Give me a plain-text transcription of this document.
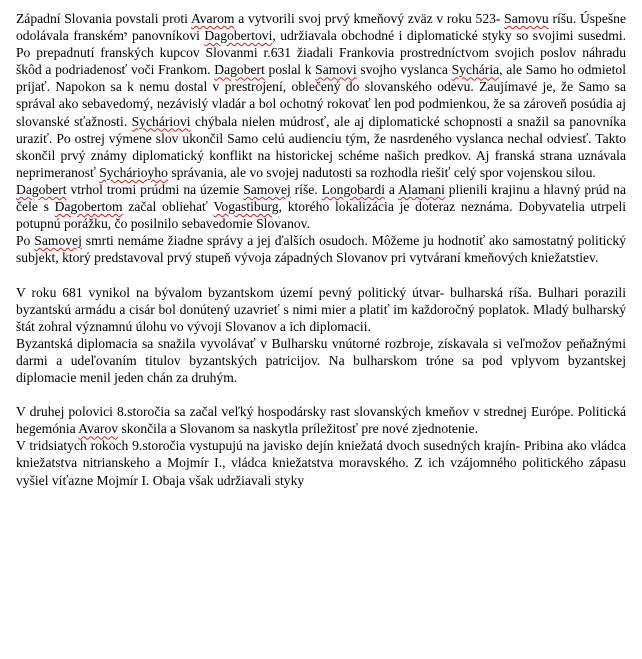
Západní Slovania povstali proti Avarom a vytvorili svoj prvý kmeňový zväz v roku 523- Samovu ríšu. Úspešne odolávala franskémי panovníkovi Dagobertovi, udržiavala obchodné i diplomatické styky so svojimi susedmi. Po prepadnutí franských kupcov Slovanmi r.631 žiadali Frankovia prostredníctvom svojich poslov náhradu škôd a podriadenosť voči Frankom. Dagobert poslal k Samovi svojho vyslanca Sychária, ale Samo ho odmietol prijať. Napokon sa k nemu dostal v prestrojení, oblečený do slovanského odevu. Zaujímavé je, že Samo sa správal ako sebavedomý, nezávislý vladár a bol ochotný rokovať len pod podmienkou, že sa zároveň posúdia aj slovanské sťažnosti. Sycháriovi chýbala nielen múdrosť, ale aj diplomatické schopnosti a snažil sa panovníka uraziť. Po ostrej výmene slov ukončil Samo celú audienciu tým, že nasrdeného vyslanca nechal odviesť. Takto skončil prvý známy diplomatický konflikt na historickej schéme našich predkov. Aj franská strana uznávala neprimeranosť Sychárioyho správania, ale vo svojej nadutosti sa rozhodla riešiť celý spor vojenskou silou.

Dagobert vtrhol tromi prúdmi na územie Samovej ríše. Longobardi a Alamani plienili krajinu a hlavný prúd na čele s Dagobertom začal obliehať Vogastiburg, ktorého lokalizácia je doteraz neznáma. Dobyvatelia utrpeli potupnú porážku, čo posilnilo sebavedomie Slovanov.

Po Samovej smrti nemáme žiadne správy a jej ďalších osudoch. Môžeme ju hodnotiť ako samostatný politický subjekt, ktorý predstavoval prvý stupeň vývoja západných Slovanov pri vytváraní kmeňových kniežatstiev.

V roku 681 vynikol na bývalom byzantskom území pevný politický útvar- bulharská ríša. Bulhari porazili byzantskú armádu a cisár bol donútený uzavrieť s nimi mier a platiť im každoročný poplatok. Mladý bulharský štát zohral významnú úlohu vo vývoji Slovanov a ich diplomacii.

Byzantská diplomacia sa snažila vyvolávať v Bulharsku vnútorné rozbroje, získavala si veľmožov peňažnými darmi a udeľovaním titulov byzantských patricijov. Na bulharskom tróne sa pod vplyvom byzantskej diplomacie menil jeden chán za druhým.

V druhej polovici 8.storočia sa začal veľký hospodársky rast slovanských kmeňov v strednej Európe. Politická hegemónia Avarov skončila a Slovanom sa naskytla príležitosť pre nové zjednotenie.

V tridsiatych rokoch 9.storočia vystupujú na javisko dejín kniežatá dvoch susedných krajín- Pribina ako vládca kniežatstva nitrianskeho a Mojmír I., vládca kniežatstva moravského. Z ich vzájomného politického zápasu vyšiel víťazne Mojmír I. Obaja však udržiavali styky
